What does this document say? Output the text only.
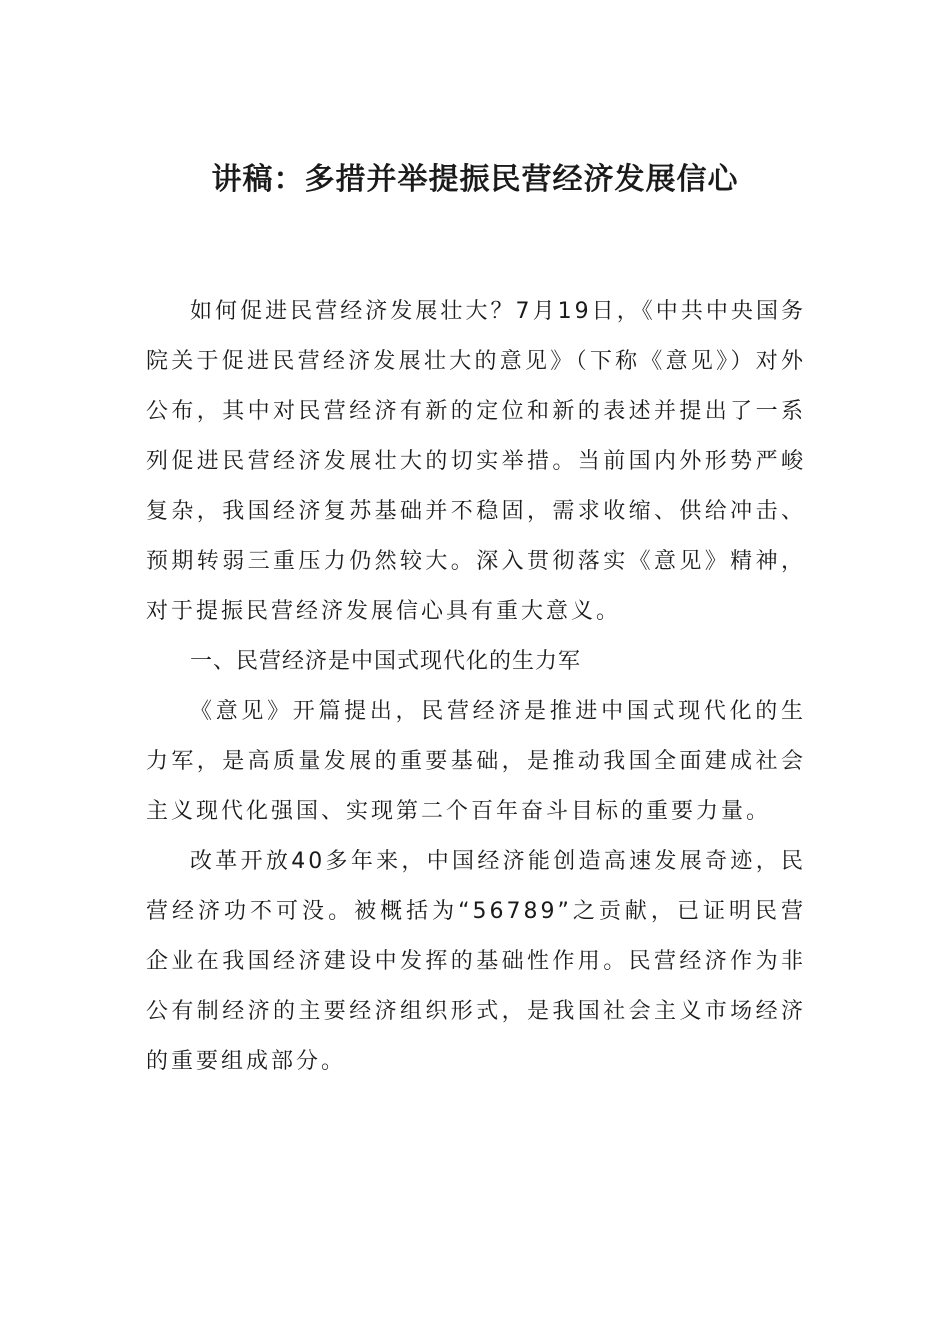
讲稿：多措并举提振民营经济发展信心

如何促进民营经济发展壮大？7月19日，《中共中央国务院关于促进民营经济发展壮大的意见》（下称《意见》）对外公布，其中对民营经济有新的定位和新的表述并提出了一系列促进民营经济发展壮大的切实举措。当前国内外形势严峻复杂，我国经济复苏基础并不稳固，需求收缩、供给冲击、预期转弱三重压力仍然较大。深入贯彻落实《意见》精神，对于提振民营经济发展信心具有重大意义。

一、民营经济是中国式现代化的生力军

《意见》开篇提出，民营经济是推进中国式现代化的生力军，是高质量发展的重要基础，是推动我国全面建成社会主义现代化强国、实现第二个百年奋斗目标的重要力量。

改革开放40多年来，中国经济能创造高速发展奇迹，民营经济功不可没。被概括为“56789”之贡献，已证明民营企业在我国经济建设中发挥的基础性作用。民营经济作为非公有制经济的主要经济组织形式，是我国社会主义市场经济的重要组成部分。
